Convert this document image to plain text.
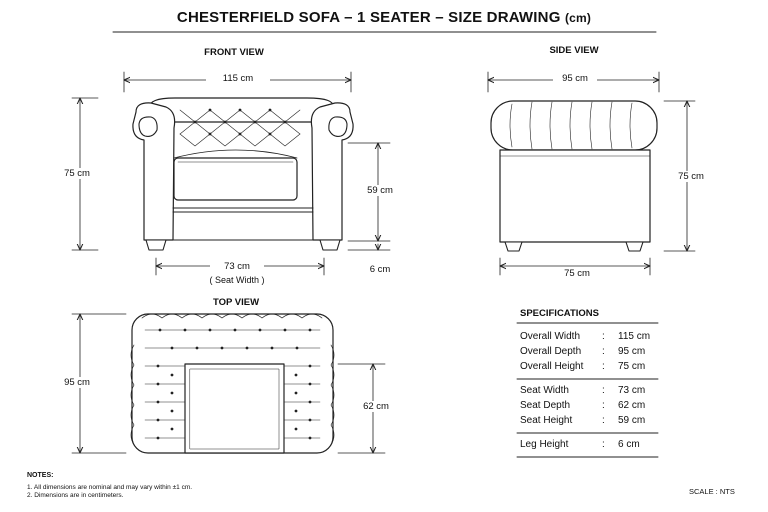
CHESTERFIELD SOFA – 1 SEATER – SIZE DRAWING (cm)
FRONT VIEW	SIDE VIEW
TOP VIEW
115 cm
75 cm
59 cm
6 cm
73 cm
( Seat Width )
95 cm
75 cm
75 cm
95 cm
62 cm
SPECIFICATIONS
Overall Width : 115 cm
Overall Depth : 95 cm
Overall Height : 75 cm
Seat Width	: 73 cm
Seat Depth	: 62 cm
Seat Height	: 59 cm
Leg Height	: 6 cm
NOTES:
1. All dimensions are nominal and may vary within ±1 cm.
2. Dimensions are in centimeters.	SCALE : NTS
